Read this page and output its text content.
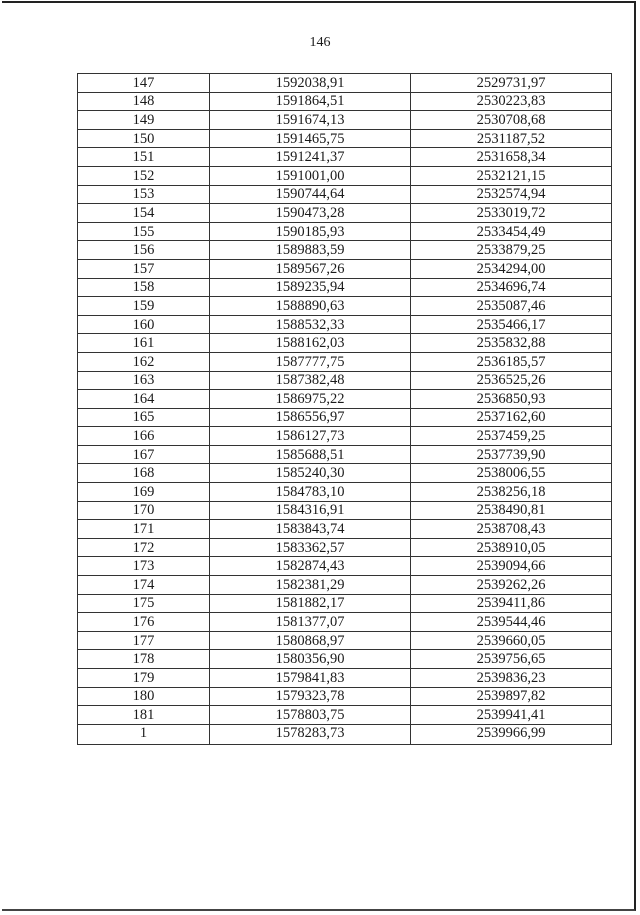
146
147	1592038,91	2529731,97
148	1591864,51	2530223,83
149	1591674,13	2530708,68
150	1591465,75	2531187,52
151	1591241,37	2531658,34
152	1591001,00	2532121,15
153	1590744,64	2532574,94
154	1590473,28	2533019,72
155	1590185,93	2533454,49
156	1589883,59	2533879,25
157	1589567,26	2534294,00
158	1589235,94	2534696,74
159	1588890,63	2535087,46
160	1588532,33	2535466,17
161	1588162,03	2535832,88
162	1587777,75	2536185,57
163	1587382,48	2536525,26
164	1586975,22	2536850,93
165	1586556,97	2537162,60
166	1586127,73	2537459,25
167	1585688,51	2537739,90
168	1585240,30	2538006,55
169	1584783,10	2538256,18
170	1584316,91	2538490,81
171	1583843,74	2538708,43
172	1583362,57	2538910,05
173	1582874,43	2539094,66
174	1582381,29	2539262,26
175	1581882,17	2539411,86
176	1581377,07	2539544,46
177	1580868,97	2539660,05
178	1580356,90	2539756,65
179	1579841,83	2539836,23
180	1579323,78	2539897,82
181	1578803,75	2539941,41
1	1578283,73	2539966,99
